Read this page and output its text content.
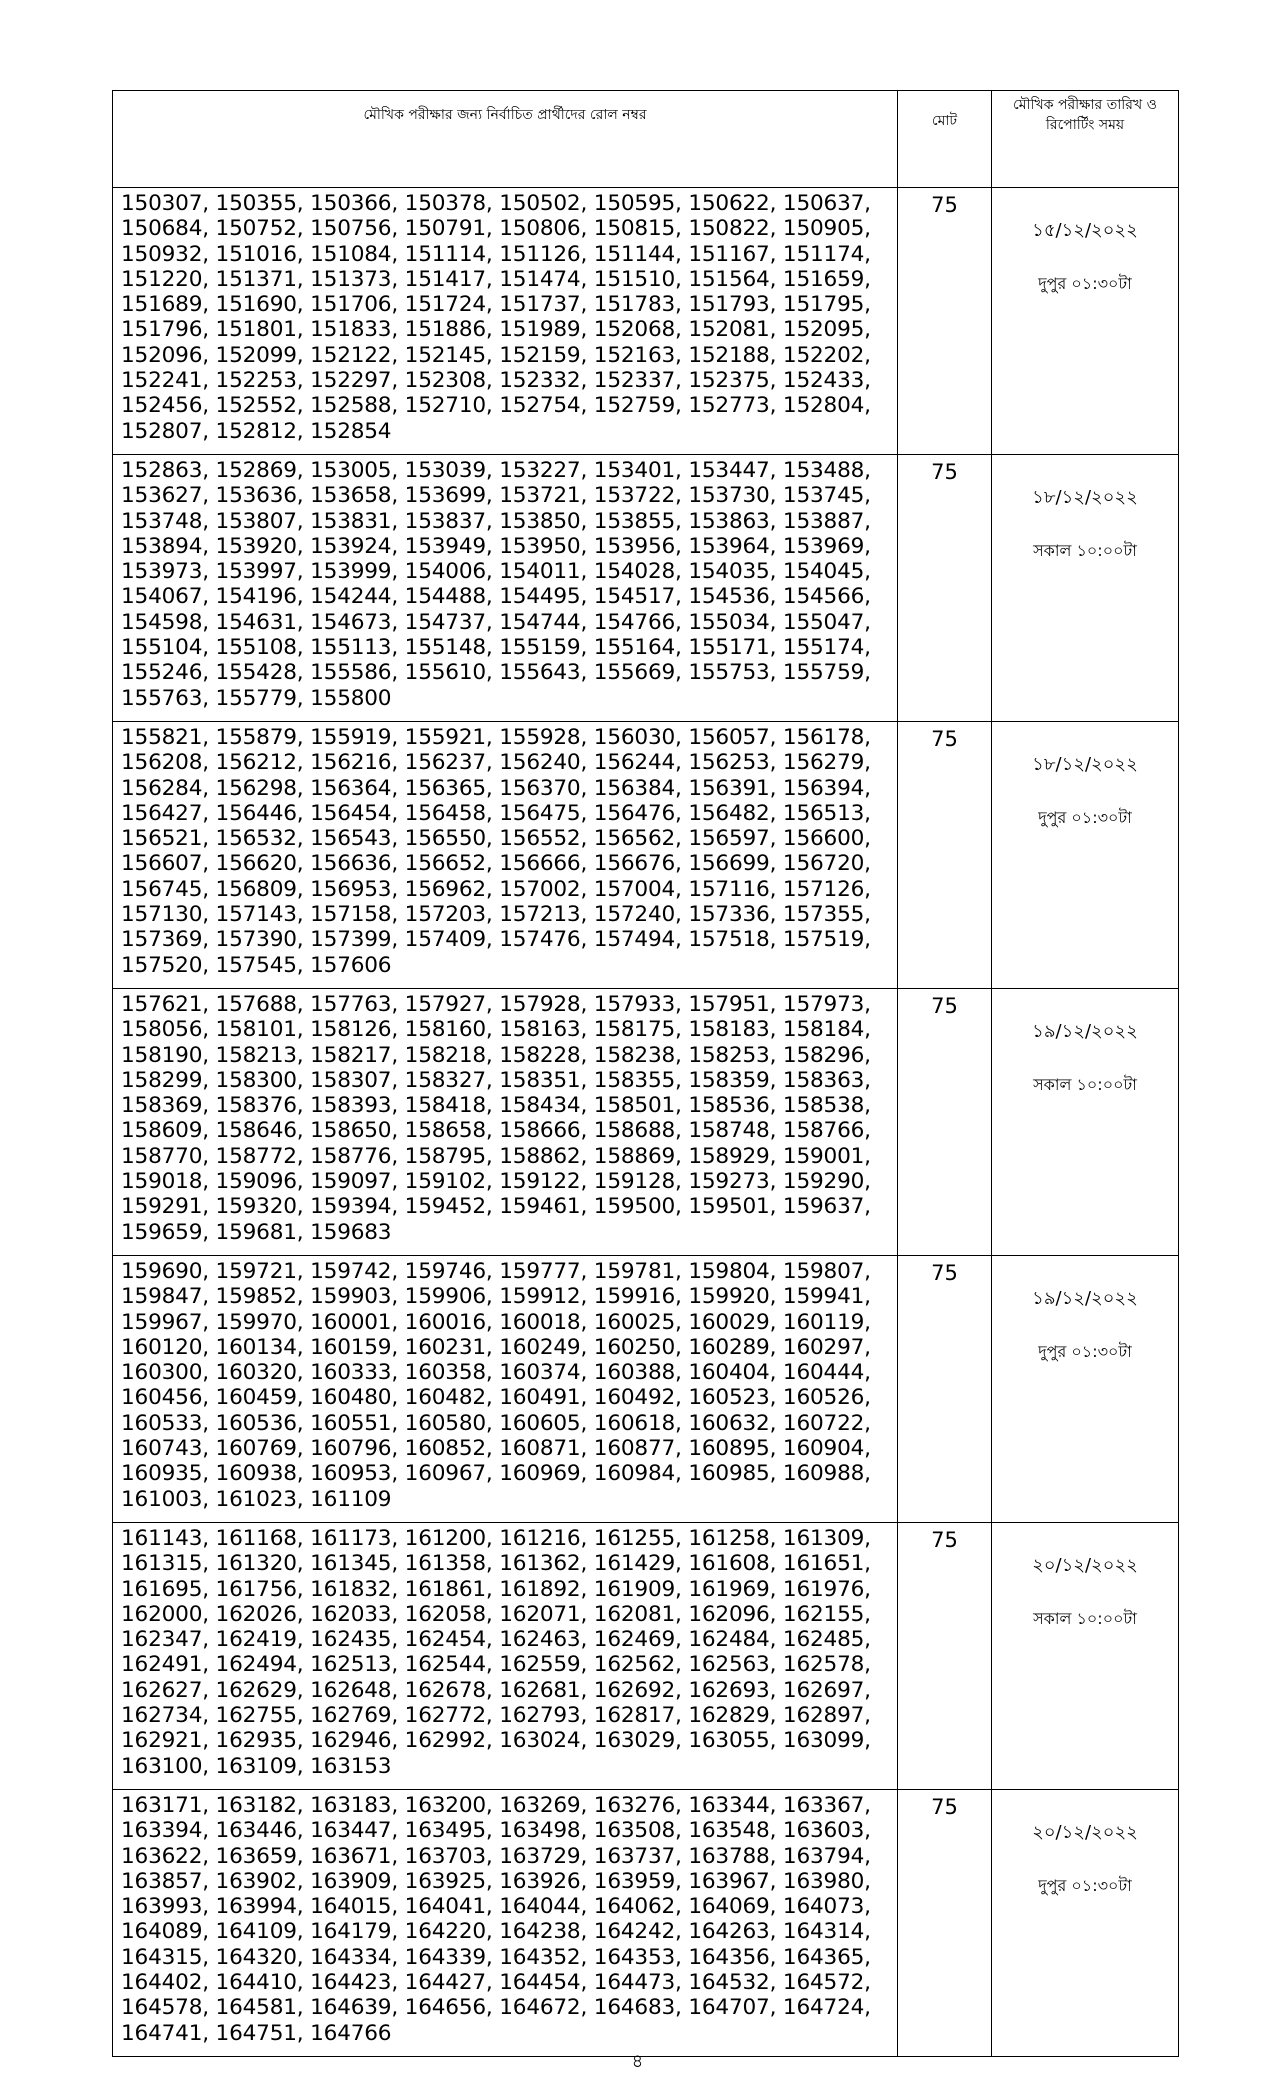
মৌখিক পরীক্ষার জন্য নির্বাচিত প্রার্থীদের রোল নম্বর	মোট	মৌখিক পরীক্ষার তারিখ ও রিপোর্টিং সময়
150307, 150355, 150366, 150378, 150502, 150595, 150622, 150637, 150684, 150752, 150756, 150791, 150806, 150815, 150822, 150905, 150932, 151016, 151084, 151114, 151126, 151144, 151167, 151174, 151220, 151371, 151373, 151417, 151474, 151510, 151564, 151659, 151689, 151690, 151706, 151724, 151737, 151783, 151793, 151795, 151796, 151801, 151833, 151886, 151989, 152068, 152081, 152095, 152096, 152099, 152122, 152145, 152159, 152163, 152188, 152202, 152241, 152253, 152297, 152308, 152332, 152337, 152375, 152433, 152456, 152552, 152588, 152710, 152754, 152759, 152773, 152804, 152807, 152812, 152854	75	১৫/১২/২০২২
দুপুর ০১:৩০টা

152863, 152869, 153005, 153039, 153227, 153401, 153447, 153488, 153627, 153636, 153658, 153699, 153721, 153722, 153730, 153745, 153748, 153807, 153831, 153837, 153850, 153855, 153863, 153887, 153894, 153920, 153924, 153949, 153950, 153956, 153964, 153969, 153973, 153997, 153999, 154006, 154011, 154028, 154035, 154045, 154067, 154196, 154244, 154488, 154495, 154517, 154536, 154566, 154598, 154631, 154673, 154737, 154744, 154766, 155034, 155047, 155104, 155108, 155113, 155148, 155159, 155164, 155171, 155174, 155246, 155428, 155586, 155610, 155643, 155669, 155753, 155759, 155763, 155779, 155800	75	১৮/১২/২০২২
সকাল ১০:০০টা

155821, 155879, 155919, 155921, 155928, 156030, 156057, 156178, 156208, 156212, 156216, 156237, 156240, 156244, 156253, 156279, 156284, 156298, 156364, 156365, 156370, 156384, 156391, 156394, 156427, 156446, 156454, 156458, 156475, 156476, 156482, 156513, 156521, 156532, 156543, 156550, 156552, 156562, 156597, 156600, 156607, 156620, 156636, 156652, 156666, 156676, 156699, 156720, 156745, 156809, 156953, 156962, 157002, 157004, 157116, 157126, 157130, 157143, 157158, 157203, 157213, 157240, 157336, 157355, 157369, 157390, 157399, 157409, 157476, 157494, 157518, 157519, 157520, 157545, 157606	75	১৮/১২/২০২২
দুপুর ০১:৩০টা

157621, 157688, 157763, 157927, 157928, 157933, 157951, 157973, 158056, 158101, 158126, 158160, 158163, 158175, 158183, 158184, 158190, 158213, 158217, 158218, 158228, 158238, 158253, 158296, 158299, 158300, 158307, 158327, 158351, 158355, 158359, 158363, 158369, 158376, 158393, 158418, 158434, 158501, 158536, 158538, 158609, 158646, 158650, 158658, 158666, 158688, 158748, 158766, 158770, 158772, 158776, 158795, 158862, 158869, 158929, 159001, 159018, 159096, 159097, 159102, 159122, 159128, 159273, 159290, 159291, 159320, 159394, 159452, 159461, 159500, 159501, 159637, 159659, 159681, 159683	75	১৯/১২/২০২২
সকাল ১০:০০টা

159690, 159721, 159742, 159746, 159777, 159781, 159804, 159807, 159847, 159852, 159903, 159906, 159912, 159916, 159920, 159941, 159967, 159970, 160001, 160016, 160018, 160025, 160029, 160119, 160120, 160134, 160159, 160231, 160249, 160250, 160289, 160297, 160300, 160320, 160333, 160358, 160374, 160388, 160404, 160444, 160456, 160459, 160480, 160482, 160491, 160492, 160523, 160526, 160533, 160536, 160551, 160580, 160605, 160618, 160632, 160722, 160743, 160769, 160796, 160852, 160871, 160877, 160895, 160904, 160935, 160938, 160953, 160967, 160969, 160984, 160985, 160988, 161003, 161023, 161109	75	১৯/১২/২০২২
দুপুর ০১:৩০টা

161143, 161168, 161173, 161200, 161216, 161255, 161258, 161309, 161315, 161320, 161345, 161358, 161362, 161429, 161608, 161651, 161695, 161756, 161832, 161861, 161892, 161909, 161969, 161976, 162000, 162026, 162033, 162058, 162071, 162081, 162096, 162155, 162347, 162419, 162435, 162454, 162463, 162469, 162484, 162485, 162491, 162494, 162513, 162544, 162559, 162562, 162563, 162578, 162627, 162629, 162648, 162678, 162681, 162692, 162693, 162697, 162734, 162755, 162769, 162772, 162793, 162817, 162829, 162897, 162921, 162935, 162946, 162992, 163024, 163029, 163055, 163099, 163100, 163109, 163153	75	২০/১২/২০২২
সকাল ১০:০০টা

163171, 163182, 163183, 163200, 163269, 163276, 163344, 163367, 163394, 163446, 163447, 163495, 163498, 163508, 163548, 163603, 163622, 163659, 163671, 163703, 163729, 163737, 163788, 163794, 163857, 163902, 163909, 163925, 163926, 163959, 163967, 163980, 163993, 163994, 164015, 164041, 164044, 164062, 164069, 164073, 164089, 164109, 164179, 164220, 164238, 164242, 164263, 164314, 164315, 164320, 164334, 164339, 164352, 164353, 164356, 164365, 164402, 164410, 164423, 164427, 164454, 164473, 164532, 164572, 164578, 164581, 164639, 164656, 164672, 164683, 164707, 164724, 164741, 164751, 164766	75	২০/১২/২০২২
দুপুর ০১:৩০টা
৪
